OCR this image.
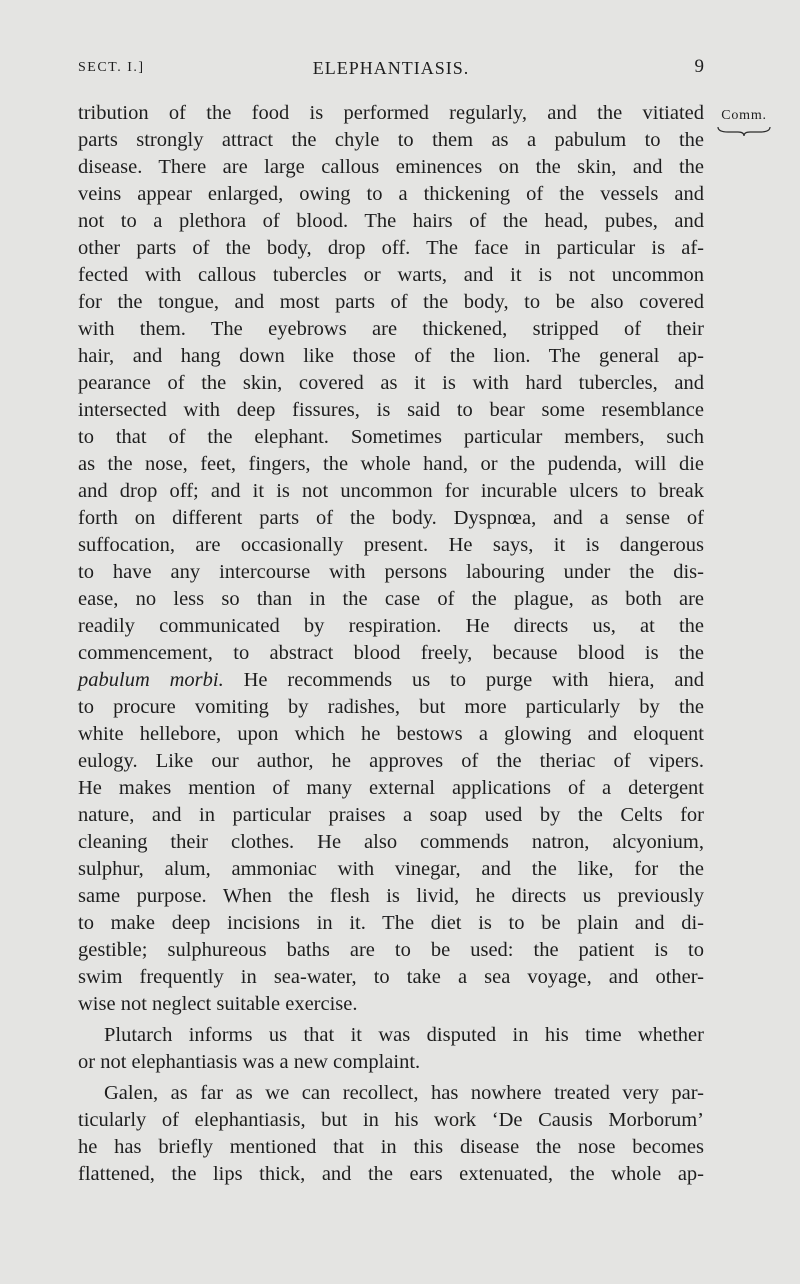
SECT. I.]	ELEPHANTIASIS.	9
Comm.
tribution of the food is performed regularly, and the vitiated
parts strongly attract the chyle to them as a pabulum to the
disease. There are large callous eminences on the skin, and the
veins appear enlarged, owing to a thickening of the vessels and
not to a plethora of blood. The hairs of the head, pubes, and
other parts of the body, drop off. The face in particular is af-
fected with callous tubercles or warts, and it is not uncommon
for the tongue, and most parts of the body, to be also covered
with them. The eyebrows are thickened, stripped of their
hair, and hang down like those of the lion. The general ap-
pearance of the skin, covered as it is with hard tubercles, and
intersected with deep fissures, is said to bear some resemblance
to that of the elephant. Sometimes particular members, such
as the nose, feet, fingers, the whole hand, or the pudenda, will die
and drop off; and it is not uncommon for incurable ulcers to break
forth on different parts of the body. Dyspnœa, and a sense of
suffocation, are occasionally present. He says, it is dangerous
to have any intercourse with persons labouring under the dis-
ease, no less so than in the case of the plague, as both are
readily communicated by respiration. He directs us, at the
commencement, to abstract blood freely, because blood is the
pabulum morbi. He recommends us to purge with hiera, and
to procure vomiting by radishes, but more particularly by the
white hellebore, upon which he bestows a glowing and eloquent
eulogy. Like our author, he approves of the theriac of vipers.
He makes mention of many external applications of a detergent
nature, and in particular praises a soap used by the Celts for
cleaning their clothes. He also commends natron, alcyonium,
sulphur, alum, ammoniac with vinegar, and the like, for the
same purpose. When the flesh is livid, he directs us previously
to make deep incisions in it. The diet is to be plain and di-
gestible; sulphureous baths are to be used: the patient is to
swim frequently in sea-water, to take a sea voyage, and other-
wise not neglect suitable exercise.
Plutarch informs us that it was disputed in his time whether
or not elephantiasis was a new complaint.
Galen, as far as we can recollect, has nowhere treated very par-
ticularly of elephantiasis, but in his work ‘De Causis Morborum’
he has briefly mentioned that in this disease the nose becomes
flattened, the lips thick, and the ears extenuated, the whole ap-
